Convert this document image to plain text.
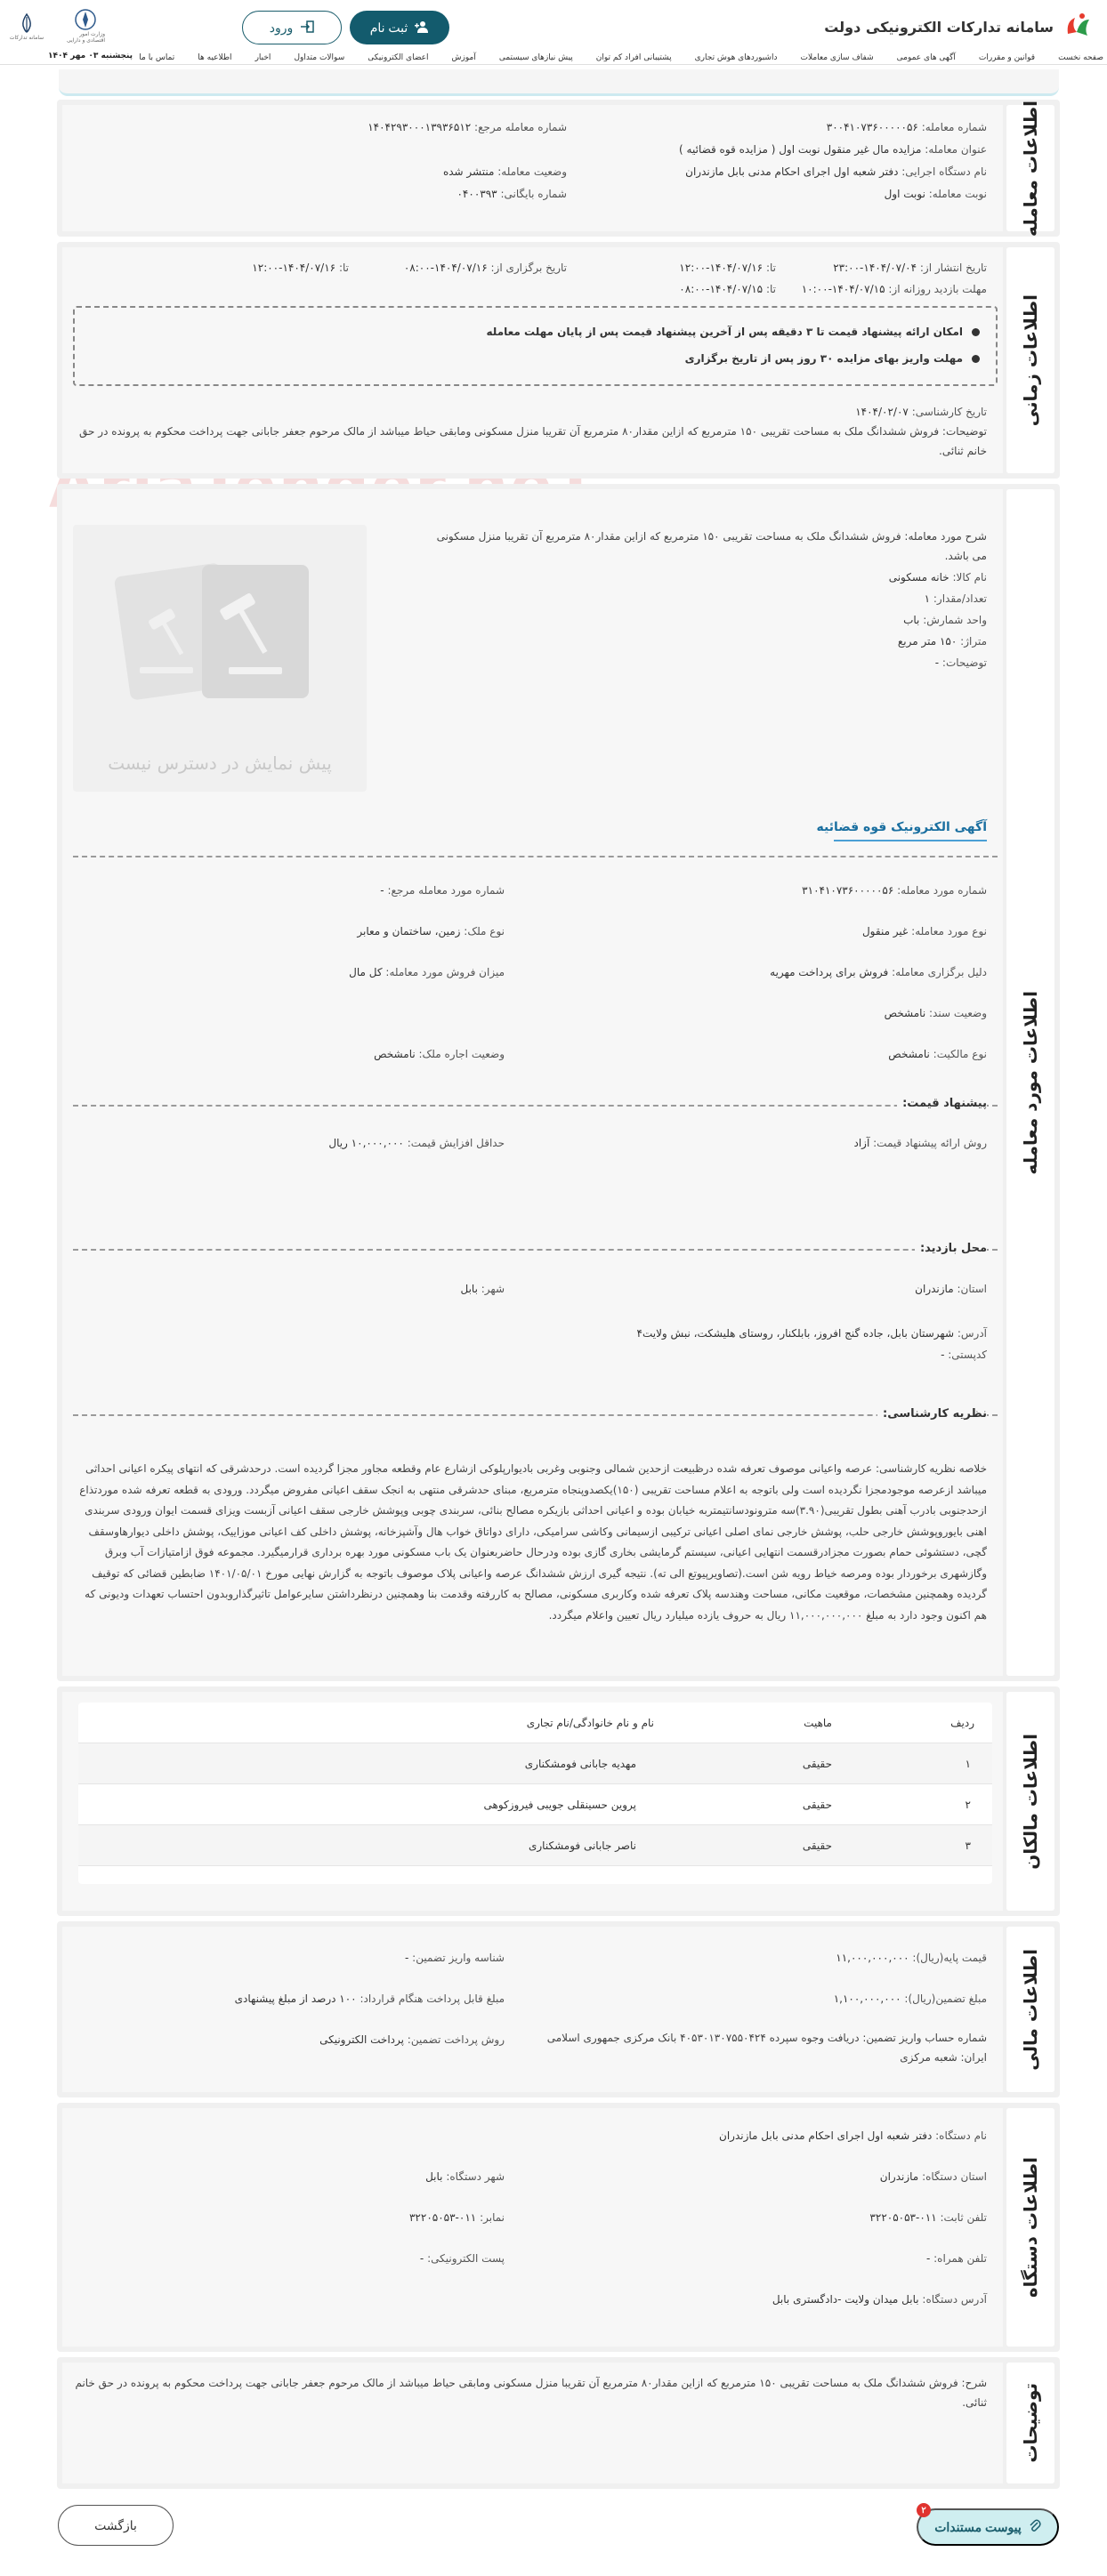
سامانه تدارکات الکترونیکی دولت
ثبت نام
ورود
وزارت امور اقتصادی و دارایی
سامانه تدارکات
صفحه نخست
قوانین و مقررات
آگهی های عمومی
شفاف سازی معاملات
داشبوردهای هوش تجاری
پشتیبانی افراد کم توان
پیش نیازهای سیستمی
آموزش
اعضای الکترونیکی
سوالات متداول
اخبار
اطلاعیه ها
تماس با ما
پنجشنبه ۰۳ مهر ۱۴۰۴
اطلاعات معامله
شماره معامله: ۳۰۰۴۱۰۷۳۶۰۰۰۰۰۵۶
شماره معامله مرجع: ۱۴۰۴۲۹۳۰۰۰۱۳۹۳۶۵۱۲
عنوان معامله: مزایده مال غیر منقول نوبت اول ( مزایده قوه قضائیه )
نام دستگاه اجرایی: دفتر شعبه اول اجرای احکام مدنی بابل مازندران
وضعیت معامله: منتشر شده
نوبت معامله: نوبت اول
شماره بایگانی: ۰۴۰۰۳۹۳
اطلاعات زمانی
تاریخ انتشار از: ۱۴۰۴/۰۷/۰۴-۲۳:۰۰
تا: ۱۴۰۴/۰۷/۱۶-۱۲:۰۰
تاریخ برگزاری از: ۱۴۰۴/۰۷/۱۶-۰۸:۰۰
تا: ۱۴۰۴/۰۷/۱۶-۱۲:۰۰
مهلت بازدید روزانه از: ۱۴۰۴/۰۷/۱۵-۱۰:۰۰
تا: ۱۴۰۴/۰۷/۱۵-۰۸:۰۰
امکان ارائه پیشنهاد قیمت تا ۳ دقیقه پس از آخرین پیشنهاد قیمت پس از پایان مهلت معامله
مهلت واریز بهای مزایده ۳۰ روز پس از تاریخ برگزاری
تاریخ کارشناسی: ۱۴۰۴/۰۲/۰۷
توضیحات: فروش ششدانگ ملک به مساحت تقریبی ۱۵۰ مترمربع که ازاین مقدار۸۰ مترمربع آن تقریبا منزل مسکونی ومابقی حیاط میباشد از مالک مرحوم جعفر جابانی جهت پرداخت محکوم به پرونده در حق خانم ثنائی.
اطلاعات مورد معامله
شرح مورد معامله: فروش ششدانگ ملک به مساحت تقریبی ۱۵۰ مترمربع که ازاین مقدار۸۰ مترمربع آن تقریبا منزل مسکونی می باشد.
نام کالا: خانه مسکونی
تعداد/مقدار: ۱
واحد شمارش: باب
متراژ: ۱۵۰ متر مربع
توضیحات: -
پیش نمایش در دسترس نیست
آگهی الکترونیک قوه قضائیه
شماره مورد معامله: ۳۱۰۴۱۰۷۳۶۰۰۰۰۰۵۶
شماره مورد معامله مرجع: -
نوع مورد معامله: غیر منقول
نوع ملک: زمین، ساختمان و معابر
دلیل برگزاری معامله: فروش برای پرداخت مهریه
میزان فروش مورد معامله: کل مال
وضعیت سند: نامشخص
نوع مالکیت: نامشخص
وضعیت اجاره ملک: نامشخص
پیشنهاد قیمت:
روش ارائه پیشنهاد قیمت: آزاد
حداقل افزایش قیمت: ۱۰,۰۰۰,۰۰۰ ریال
محل بازدید:
استان: مازندران
شهر: بابل
آدرس: شهرستان بابل، جاده گنج افروز، بابلکنار، روستای هلیشکت، نبش ولایت۴
کدپستی: -
نظریه کارشناسی:
خلاصه نظریه کارشناسی: عرصه واعیانی موصوف تعرفه شده درظبیعت ازحدین شمالی وجنوبی وغربی بادیوارپلوکی ازشارع عام وقطعه مجاور مجزا گردیده است. درحدشرقی که انتهای پیکره اعیانی احداثی میباشد ازعرصه موجودمجزا نگردیده است ولی باتوجه به اعلام مساحت تقریبی (۱۵۰)یکصدوپنجاه مترمربع، مبنای حدشرقی منتهی به انجک سقف اعیانی مفروض میگردد. ورودی به قطعه تعرفه شده موردتذاع ازحدجنوبی بادرب آهنی بطول تقریبی(۳.۹۰)سه مترونودسانتیمتربه خیابان بوده و اعیانی احداثی بازیکره مصالح بنائی، سربندی چوبی وپوشش خارجی سقف اعیانی آزبست ویزای قسمت ایوان ورودی سربندی اهنی بایوروپوشش خارجی حلب، پوشش خارجی نمای اصلی اعیانی ترکیبی ازسیمانی وکاشی سرامیکی، دارای دواتاق خواب هال وآشپزخانه، پوشش داخلی کف اعیانی موزاییک، پوشش داخلی دیوارهاوسقف گچی، دستشوئی حمام بصورت مجزادرقسمت انتهایی اعیانی، سیستم گرمایشی بخاری گازی بوده ودرحال حاضربعنوان یک باب مسکونی مورد بهره برداری قرارمیگیرد. مجموعه فوق ازامتیازات آب وبرق وگازشهری برخوردار بوده ومرصه خیاط رویه شن است.(تصاویرپیوتع الی ته). نتیجه گیری ارزش ششدانگ عرصه واعیانی پلاک موصوف باتوجه به گزارش نهایی مورخ ۱۴۰۱/۰۵/۰۱ ضابطین قضائی که توقیف گردیده وهمچنین مشخصات، موقعیت مکانی، مساحت وهندسه پلاک تعرفه شده وکاربری مسکونی، مصالح به کاررفته وقدمت بنا وهمچنین درنظرداشتن سایرعوامل تاثیرگذاروبدون احتساب تعهدات ودیونی که هم اکنون وجود دارد به مبلغ ۱۱,۰۰۰,۰۰۰,۰۰۰ ریال به حروف یازده میلیارد ریال تعیین واعلام میگردد.
اطلاعات مالکان
ردیف
ماهیت
نام و نام خانوادگی/نام تجاری
۱
حقیقی
مهدیه جابانی فومشکناری
۲
حقیقی
پروین حسینقلی جویبی فیروزکوهی
۳
حقیقی
ناصر جابانی فومشکناری
اطلاعات مالی
قیمت پایه(ریال): ۱۱,۰۰۰,۰۰۰,۰۰۰
شناسه واریز تضمین: -
مبلغ تضمین(ریال): ۱,۱۰۰,۰۰۰,۰۰۰
مبلغ قابل پرداخت هنگام قرارداد: ۱۰۰ درصد از مبلغ پیشنهادی
شماره حساب واریز تضمین: دریافت وجوه سپرده ۴۰۵۳۰۱۳۰۷۵۵۰۴۲۴ بانک مرکزی جمهوری اسلامی ایران: شعبه مرکزی
روش پرداخت تضمین: پرداخت الکترونیکی
اطلاعات دستگاه
نام دستگاه: دفتر شعبه اول اجرای احکام مدنی بابل مازندران
استان دستگاه: مازندران
شهر دستگاه: بابل
تلفن ثابت: ۰۱۱-۳۲۲۰۵۰۵۳
نمابر: ۰۱۱-۳۲۲۰۵۰۵۳
تلفن همراه: -
پست الکترونیکی: -
آدرس دستگاه: بابل میدان ولایت -دادگستری بابل
توضیحات
شرح: فروش ششدانگ ملک به مساحت تقریبی ۱۵۰ مترمربع که ازاین مقدار۸۰ مترمربع آن تقریبا منزل مسکونی ومابقی حیاط میباشد از مالک مرحوم جعفر جابانی جهت پرداخت محکوم به پرونده در حق خانم ثنائی.
بازگشت	پیوست مستندات
۲
